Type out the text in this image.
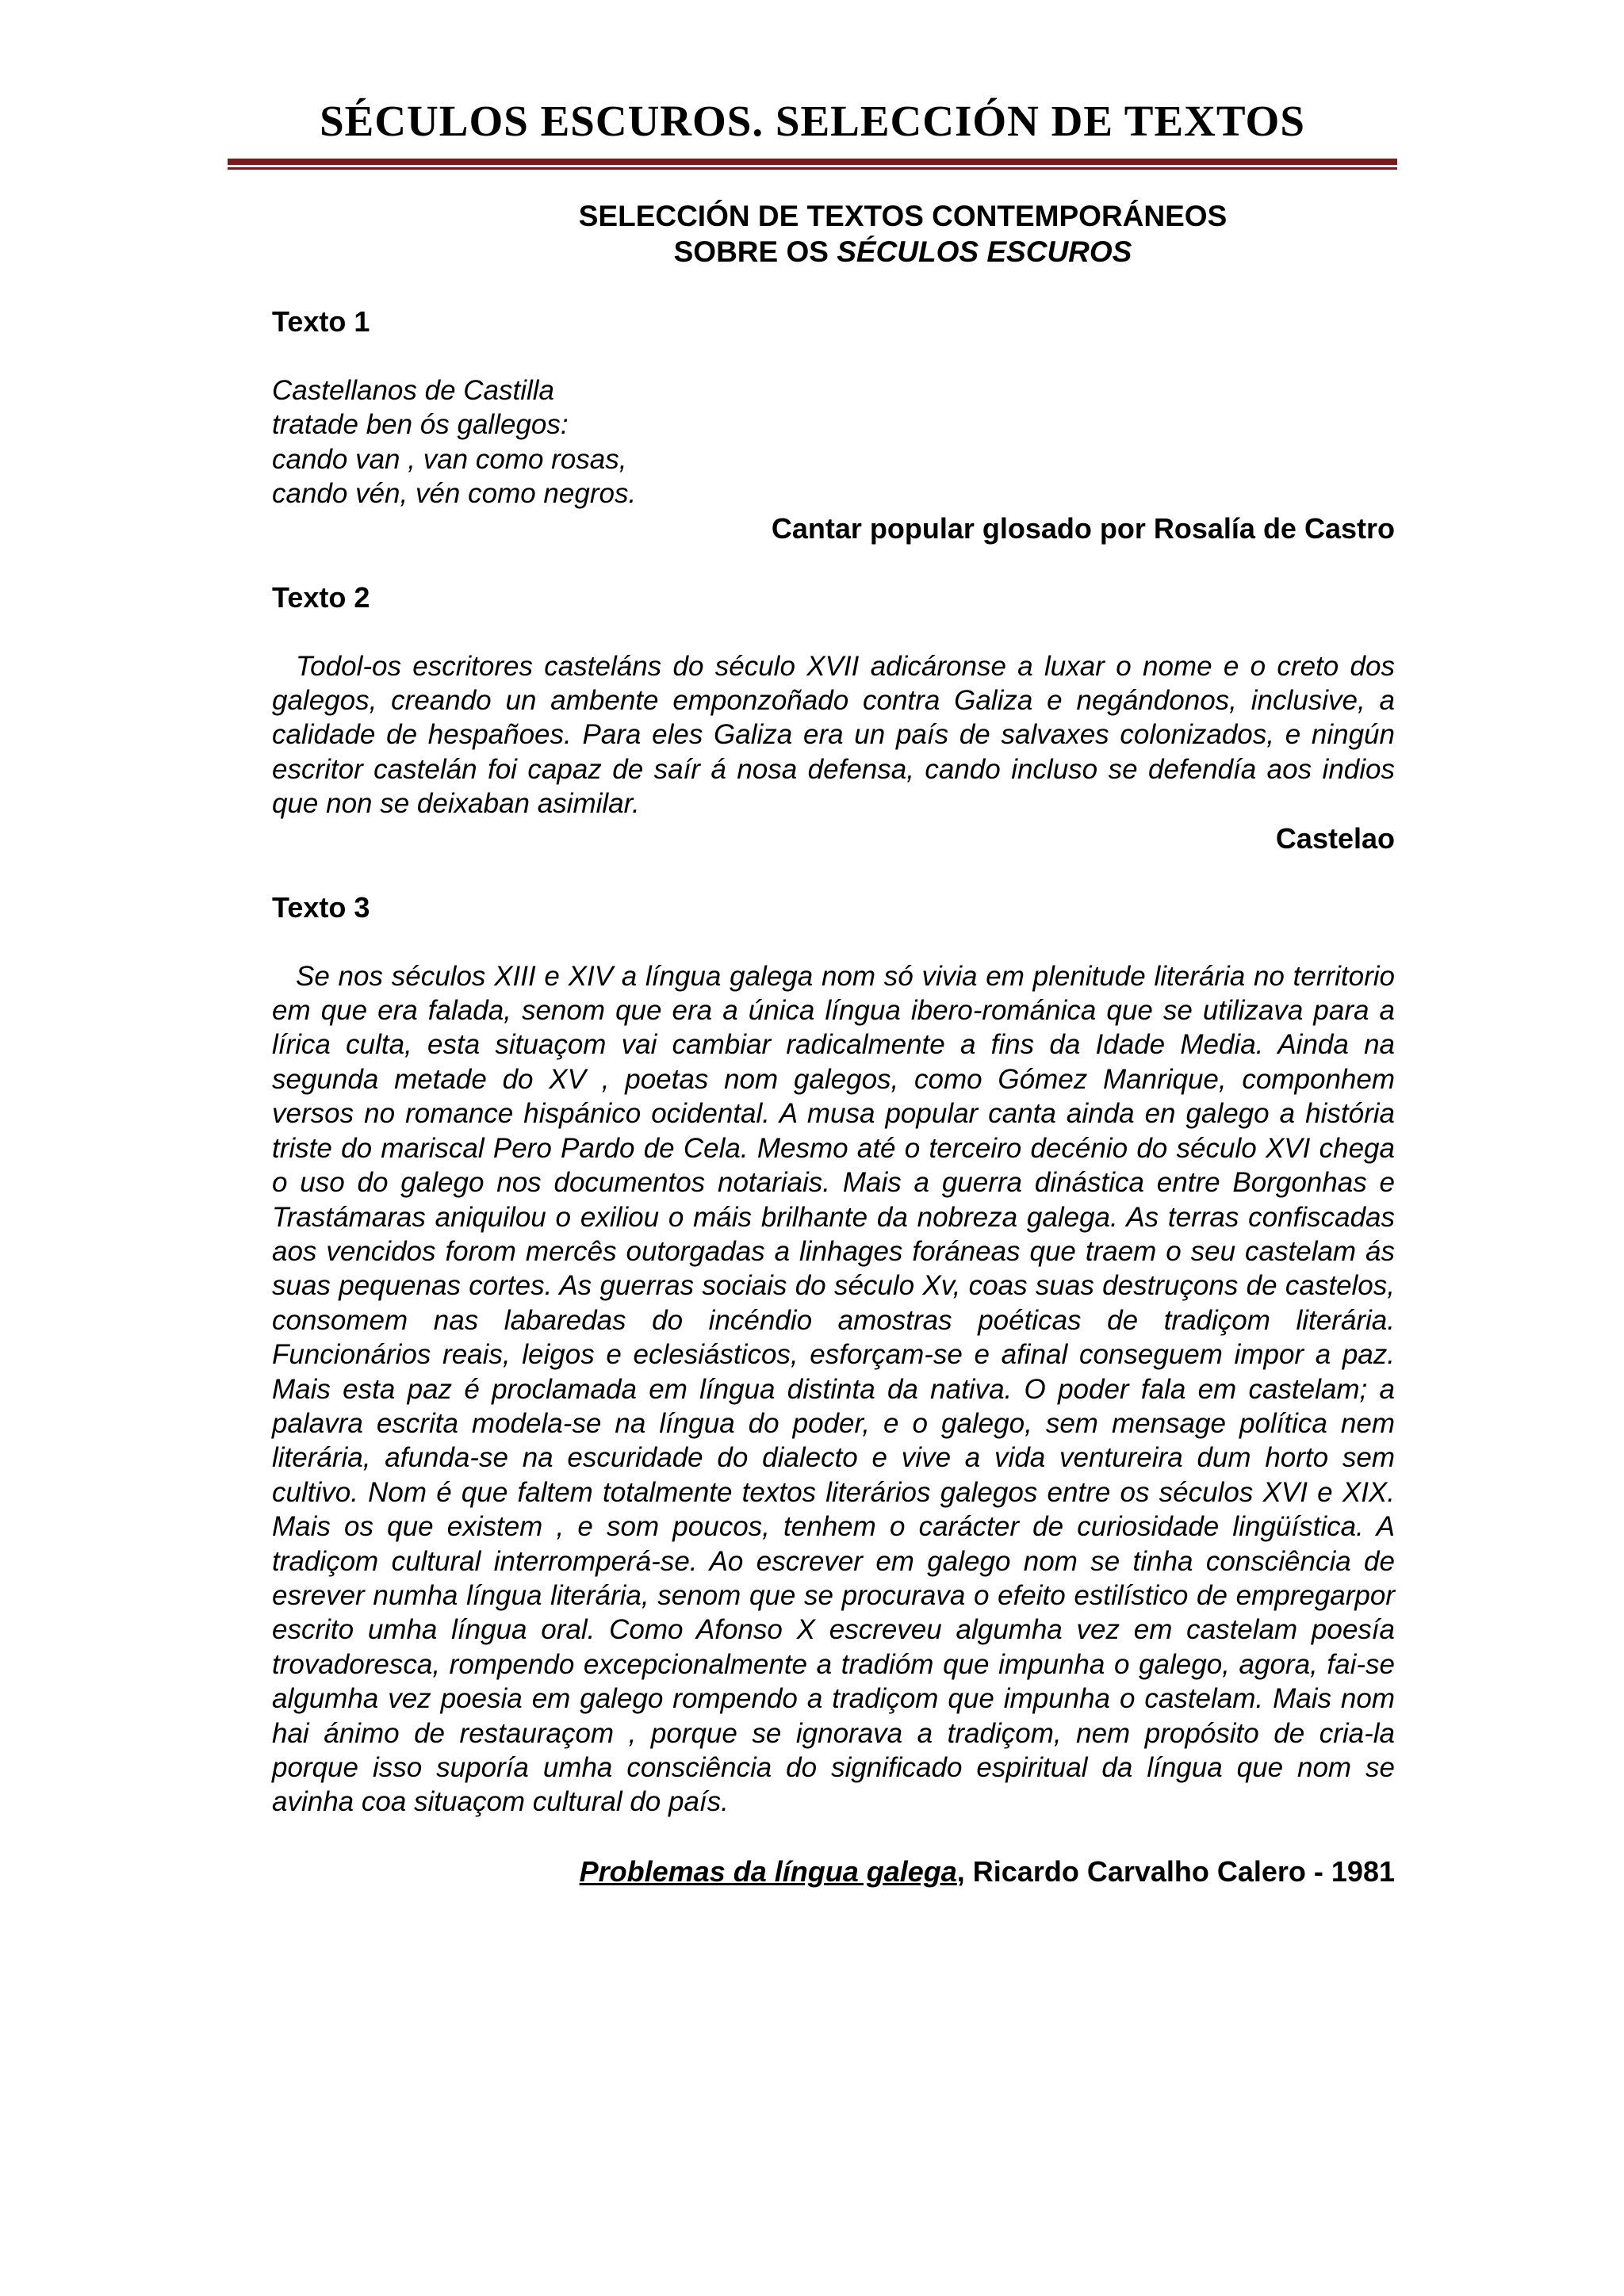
SÉCULOS ESCUROS. SELECCIÓN DE TEXTOS
SELECCIÓN DE TEXTOS CONTEMPORÁNEOS
SOBRE OS SÉCULOS ESCUROS

Texto 1

Castellanos de Castilla
tratade ben ós gallegos:
cando van , van como rosas,
cando vén, vén como negros.

Cantar popular glosado por Rosalía de Castro

Texto 2

Todol-os escritores casteláns do século XVII adicáronse a luxar o nome e o creto dos galegos, creando un ambente emponzoñado contra Galiza e negándonos, inclusive, a calidade de hespañoes. Para eles Galiza era un país de salvaxes colonizados, e ningún escritor castelán foi capaz de saír á nosa defensa, cando incluso se defendía aos indios que non se deixaban asimilar.

Castelao

Texto 3

Se nos séculos XIII e XIV a língua galega nom só vivia em plenitude literária no territorio em que era falada, senom que era a única língua ibero-románica que se utilizava para a lírica culta, esta situaçom vai cambiar radicalmente a fins da Idade Media. Ainda na segunda metade do XV , poetas nom galegos, como Gómez Manrique, componhem versos no romance hispánico ocidental. A musa popular canta ainda en galego a história triste do mariscal Pero Pardo de Cela. Mesmo até o terceiro decénio do século XVI chega o uso do galego nos documentos notariais. Mais a guerra dinástica entre Borgonhas e Trastámaras aniquilou o exiliou o máis brilhante da nobreza galega. As terras confiscadas aos vencidos forom mercês outorgadas a linhages foráneas que traem o seu castelam ás suas pequenas cortes. As guerras sociais do século Xv, coas suas destruçons de castelos, consomem nas labaredas do incéndio amostras poéticas de tradiçom literária. Funcionários reais, leigos e eclesiásticos, esforçam-se e afinal conseguem impor a paz. Mais esta paz é proclamada em língua distinta da nativa. O poder fala em castelam; a palavra escrita modela-se na língua do poder, e o galego, sem mensage política nem literária, afunda-se na escuridade do dialecto e vive a vida ventureira dum horto sem cultivo. Nom é que faltem totalmente textos literários galegos entre os séculos XVI e XIX. Mais os que existem , e som poucos, tenhem o carácter de curiosidade lingüística. A tradiçom cultural interromperá-se. Ao escrever em galego nom se tinha consciência de esrever numha língua literária, senom que se procurava o efeito estilístico de empregarpor escrito umha língua oral. Como Afonso X escreveu algumha vez em castelam poesía trovadoresca, rompendo excepcionalmente a tradióm que impunha o galego, agora, fai-se algumha vez poesia em galego rompendo a tradiçom que impunha o castelam. Mais nom hai ánimo de restauraçom , porque se ignorava a tradiçom, nem propósito de cria-la porque isso suporía umha consciência do significado espiritual da língua que nom se avinha coa situaçom cultural do país.

Problemas da língua galega, Ricardo Carvalho Calero - 1981
